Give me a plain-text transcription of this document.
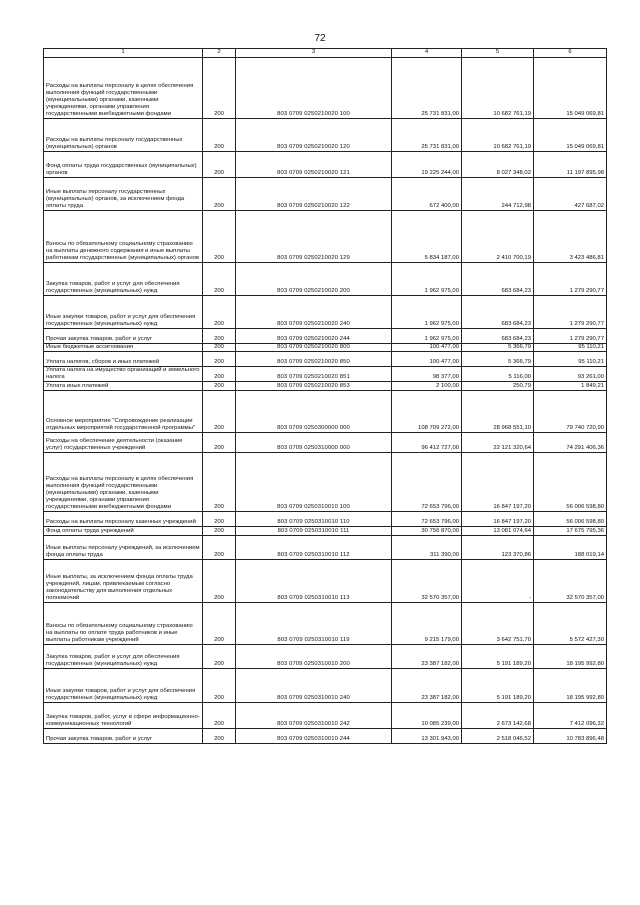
72
1	2	3	4	5	6
Расходы на выплаты персоналу в целях обеспечения выполнения функций государственными (муниципальными) органами, казенными учреждениями, органами управления государственными внебюджетными фондами	200	803 0709 0250210020 100	25 731 831,00	10 682 761,19	15 049 069,81
Расходы на выплаты персоналу государственных (муниципальных) органов	200	803 0709 0250210020 120	25 731 831,00	10 682 761,19	15 049 069,81
Фонд оплаты труда государственных (муниципальных) органов	200	803 0709 0250210020 121	19 225 244,00	8 027 348,02	11 197 895,98
Иные выплаты персоналу государственных (муниципальных) органов, за исключением фонда оплаты труда	200	803 0709 0250210020 122	672 400,00	244 712,98	427 687,02
Взносы по обязательному социальному страхованию на выплаты денежного содержания и иные выплаты работникам государственных (муниципальных) органов	200	803 0709 0250210020 129	5 834 187,00	2 410 700,19	3 423 486,81
Закупка товаров, работ и услуг для обеспечения государственных (муниципальных) нужд	200	803 0709 0250210020 200	1 962 975,00	683 684,23	1 279 290,77
Иные закупки товаров, работ и услуг для обеспечения государственных (муниципальных) нужд	200	803 0709 0250210020 240	1 962 975,00	683 684,23	1 279 290,77
Прочая закупка товаров, работ и услуг	200	803 0709 0250210020 244	1 962 975,00	683 684,23	1 279 290,77
Иные бюджетные ассигнования	200	803 0709 0250210020 800	100 477,00	5 366,79	95 110,21
Уплата налогов, сборов и иных платежей	200	803 0709 0250210020 850	100 477,00	5 366,79	95 110,21
Уплата налога на имущество организаций и земельного налога	200	803 0709 0250210020 851	98 377,00	5 116,00	93 261,00
Уплата иных платежей	200	803 0709 0250210020 853	2 100,00	250,79	1 849,21
Основное мероприятие "Сопровождение реализации отдельных мероприятий государственной программы"	200	803 0709 0250300000 000	108 709 272,00	28 968 551,10	79 740 720,90
Расходы на обеспечение деятельности (оказание услуг) государственных учреждений	200	803 0709 0250310000 000	96 412 727,00	22 121 320,64	74 291 406,36
Расходы на выплаты персоналу в целях обеспечения выполнения функций государственными (муниципальными) органами, казенными учреждениями, органами управления государственными внебюджетными фондами	200	803 0709 0250310010 100	72 653 796,00	16 847 197,20	56 006 598,80
Расходы на выплаты персоналу казенных учреждений	200	803 0709 0250310010 110	72 653 796,00	16 847 197,20	56 006 598,80
Фонд оплаты труда учреждений	200	803 0709 0250310010 111	30 756 870,00	13 081 074,64	17 675 795,36
Иные выплаты персоналу учреждений, за исключением фонда оплаты труда	200	803 0709 0250310010 112	311 390,00	123 370,86	188 019,14
Иные выплаты, за исключением фонда оплаты труда учреждений, лицам, привлекаемым согласно законодательству для выполнения отдельных полномочий	200	803 0709 0250310010 113	32 570 357,00	-	32 570 357,00
Взносы по обязательному социальному страхованию на выплаты по оплате труда работников и иные выплаты работникам учреждений	200	803 0709 0250310010 119	9 215 179,00	3 642 751,70	5 572 427,30
Закупка товаров, работ и услуг для обеспечения государственных (муниципальных) нужд	200	803 0709 0250310010 200	23 387 182,00	5 191 189,20	18 195 992,80
Иные закупки товаров, работ и услуг для обеспечения государственных (муниципальных) нужд	200	803 0709 0250310010 240	23 387 182,00	5 191 189,20	18 195 992,80
Закупка товаров, работ, услуг в сфере информационно-коммуникационных технологий	200	803 0709 0250310010 242	10 085 239,00	2 673 142,68	7 412 096,32
Прочая закупка товаров, работ и услуг	200	803 0709 0250310010 244	13 301 943,00	2 518 046,52	10 783 896,48
